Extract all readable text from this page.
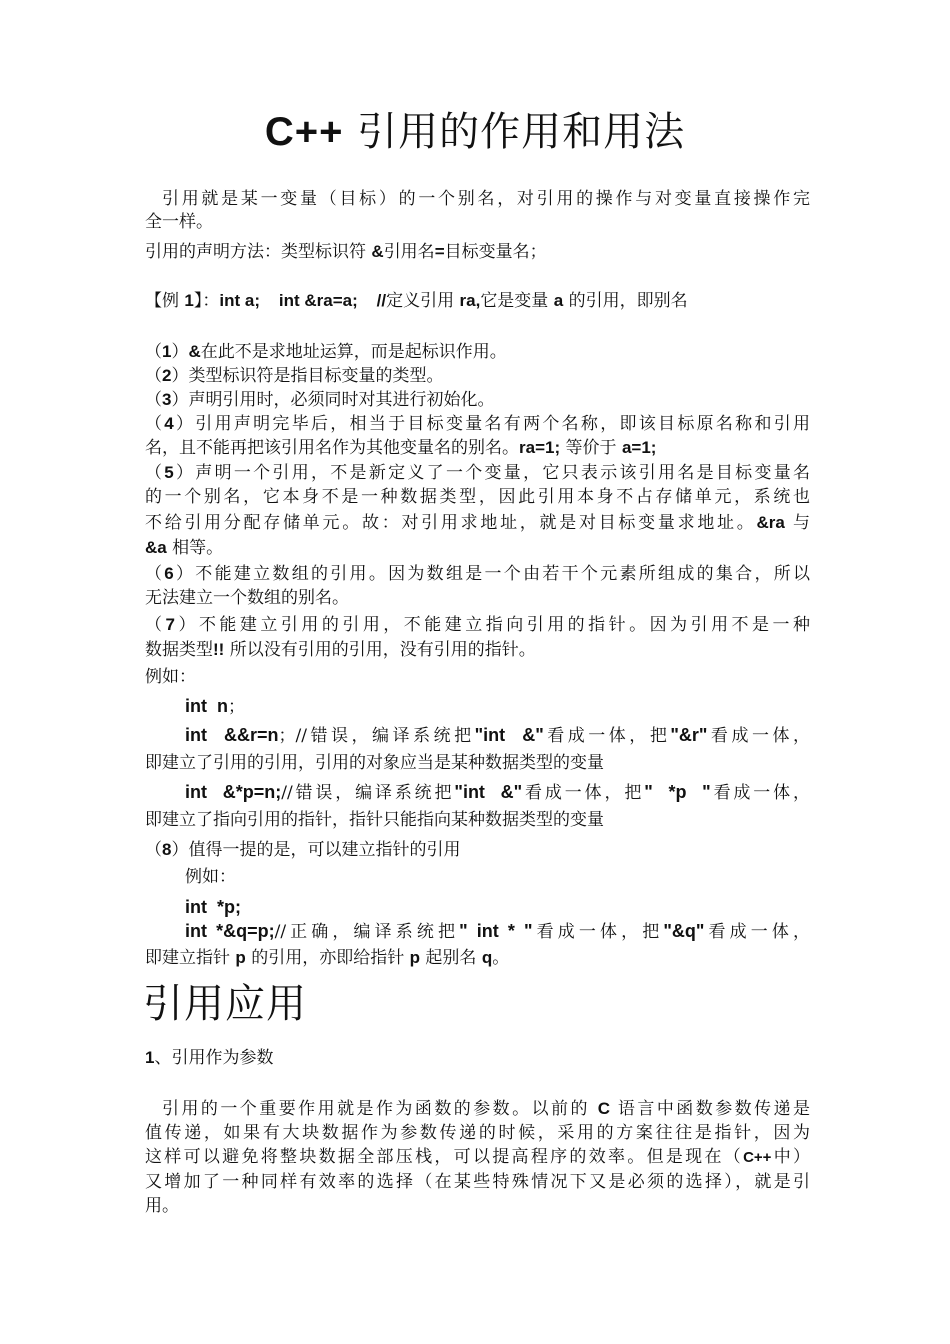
C++ 引用的作用和用法
引用就是某一变量（目标）的一个别名，对引用的操作与对变量直接操作完
全一样。
引用的声明方法：类型标识符 &引用名=目标变量名；
【例 1】：int a;    int &ra=a;    //定义引用 ra,它是变量 a 的引用，即别名
（1）&在此不是求地址运算，而是起标识作用。
（2）类型标识符是指目标变量的类型。
（3）声明引用时，必须同时对其进行初始化。
（4）引用声明完毕后，相当于目标变量名有两个名称，即该目标原名称和引用
名，且不能再把该引用名作为其他变量名的别名。ra=1; 等价于 a=1;
（5）声明一个引用，不是新定义了一个变量，它只表示该引用名是目标变量名
的一个别名，它本身不是一种数据类型，因此引用本身不占存储单元，系统也
不给引用分配存储单元。故：对引用求地址，就是对目标变量求地址。&ra 与
&a 相等。
（6）不能建立数组的引用。因为数组是一个由若干个元素所组成的集合，所以
无法建立一个数组的别名。
（7）不能建立引用的引用，不能建立指向引用的指针。因为引用不是一种
数据类型!! 所以没有引用的引用，没有引用的指针。
例如：
int  n；
int  &&r=n；//错误，编译系统把"int  &"看成一体，把"&r"看成一体，
即建立了引用的引用，引用的对象应当是某种数据类型的变量
int  &*p=n;//错误，编译系统把"int  &"看成一体，把"  *p  "看成一体，
即建立了指向引用的指针，指针只能指向某种数据类型的变量
（8）值得一提的是，可以建立指针的引用
例如：
int  *p;
int *&q=p;//正确，编译系统把" int * "看成一体，把"&q"看成一体，
即建立指针 p 的引用，亦即给指针 p 起别名 q。
引用应用
1、引用作为参数
引用的一个重要作用就是作为函数的参数。以前的 C 语言中函数参数传递是
值传递，如果有大块数据作为参数传递的时候，采用的方案往往是指针，因为
这样可以避免将整块数据全部压栈，可以提高程序的效率。但是现在（C++中）
又增加了一种同样有效率的选择（在某些特殊情况下又是必须的选择），就是引
用。
